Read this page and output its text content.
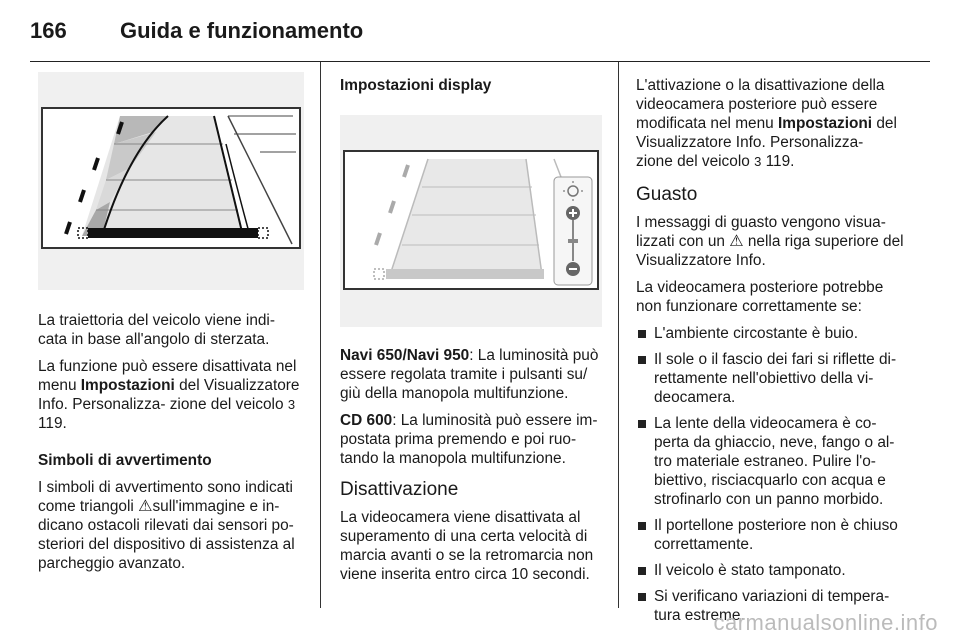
166 Guida e funzionamento

La traiettoria del veicolo viene indi- cata in base all'angolo di sterzata.

La funzione può essere disattivata nel menu Impostazioni del Visualizzatore Info. Personalizza- zione del veicolo 3 119.

Simboli di avvertimento

I simboli di avvertimento sono indicati come triangoli ⚠sull'immagine e in- dicano ostacoli rilevati dai sensori po- steriori del dispositivo di assistenza al parcheggio avanzato.

Impostazioni display

Navi 650/Navi 950: La luminosità può essere regolata tramite i pulsanti su/ giù della manopola multifunzione.

CD 600: La luminosità può essere im- postata prima premendo e poi ruo- tando la manopola multifunzione.

Disattivazione

La videocamera viene disattivata al superamento di una certa velocità di marcia avanti o se la retromarcia non viene inserita entro circa 10 secondi.

L'attivazione o la disattivazione della videocamera posteriore può essere modificata nel menu Impostazioni del Visualizzatore Info. Personalizza- zione del veicolo 3 119.

Guasto

I messaggi di guasto vengono visua- lizzati con un ⚠ nella riga superiore del Visualizzatore Info.

La videocamera posteriore potrebbe non funzionare correttamente se:

L'ambiente circostante è buio.
Il sole o il fascio dei fari si riflette di- rettamente nell'obiettivo della vi- deocamera.
La lente della videocamera è co- perta da ghiaccio, neve, fango o al- tro materiale estraneo. Pulire l'o- biettivo, risciacquarlo con acqua e strofinarlo con un panno morbido.
Il portellone posteriore non è chiuso correttamente.
Il veicolo è stato tamponato.
Si verificano variazioni di tempera- tura estreme.
carmanualsonline.info
